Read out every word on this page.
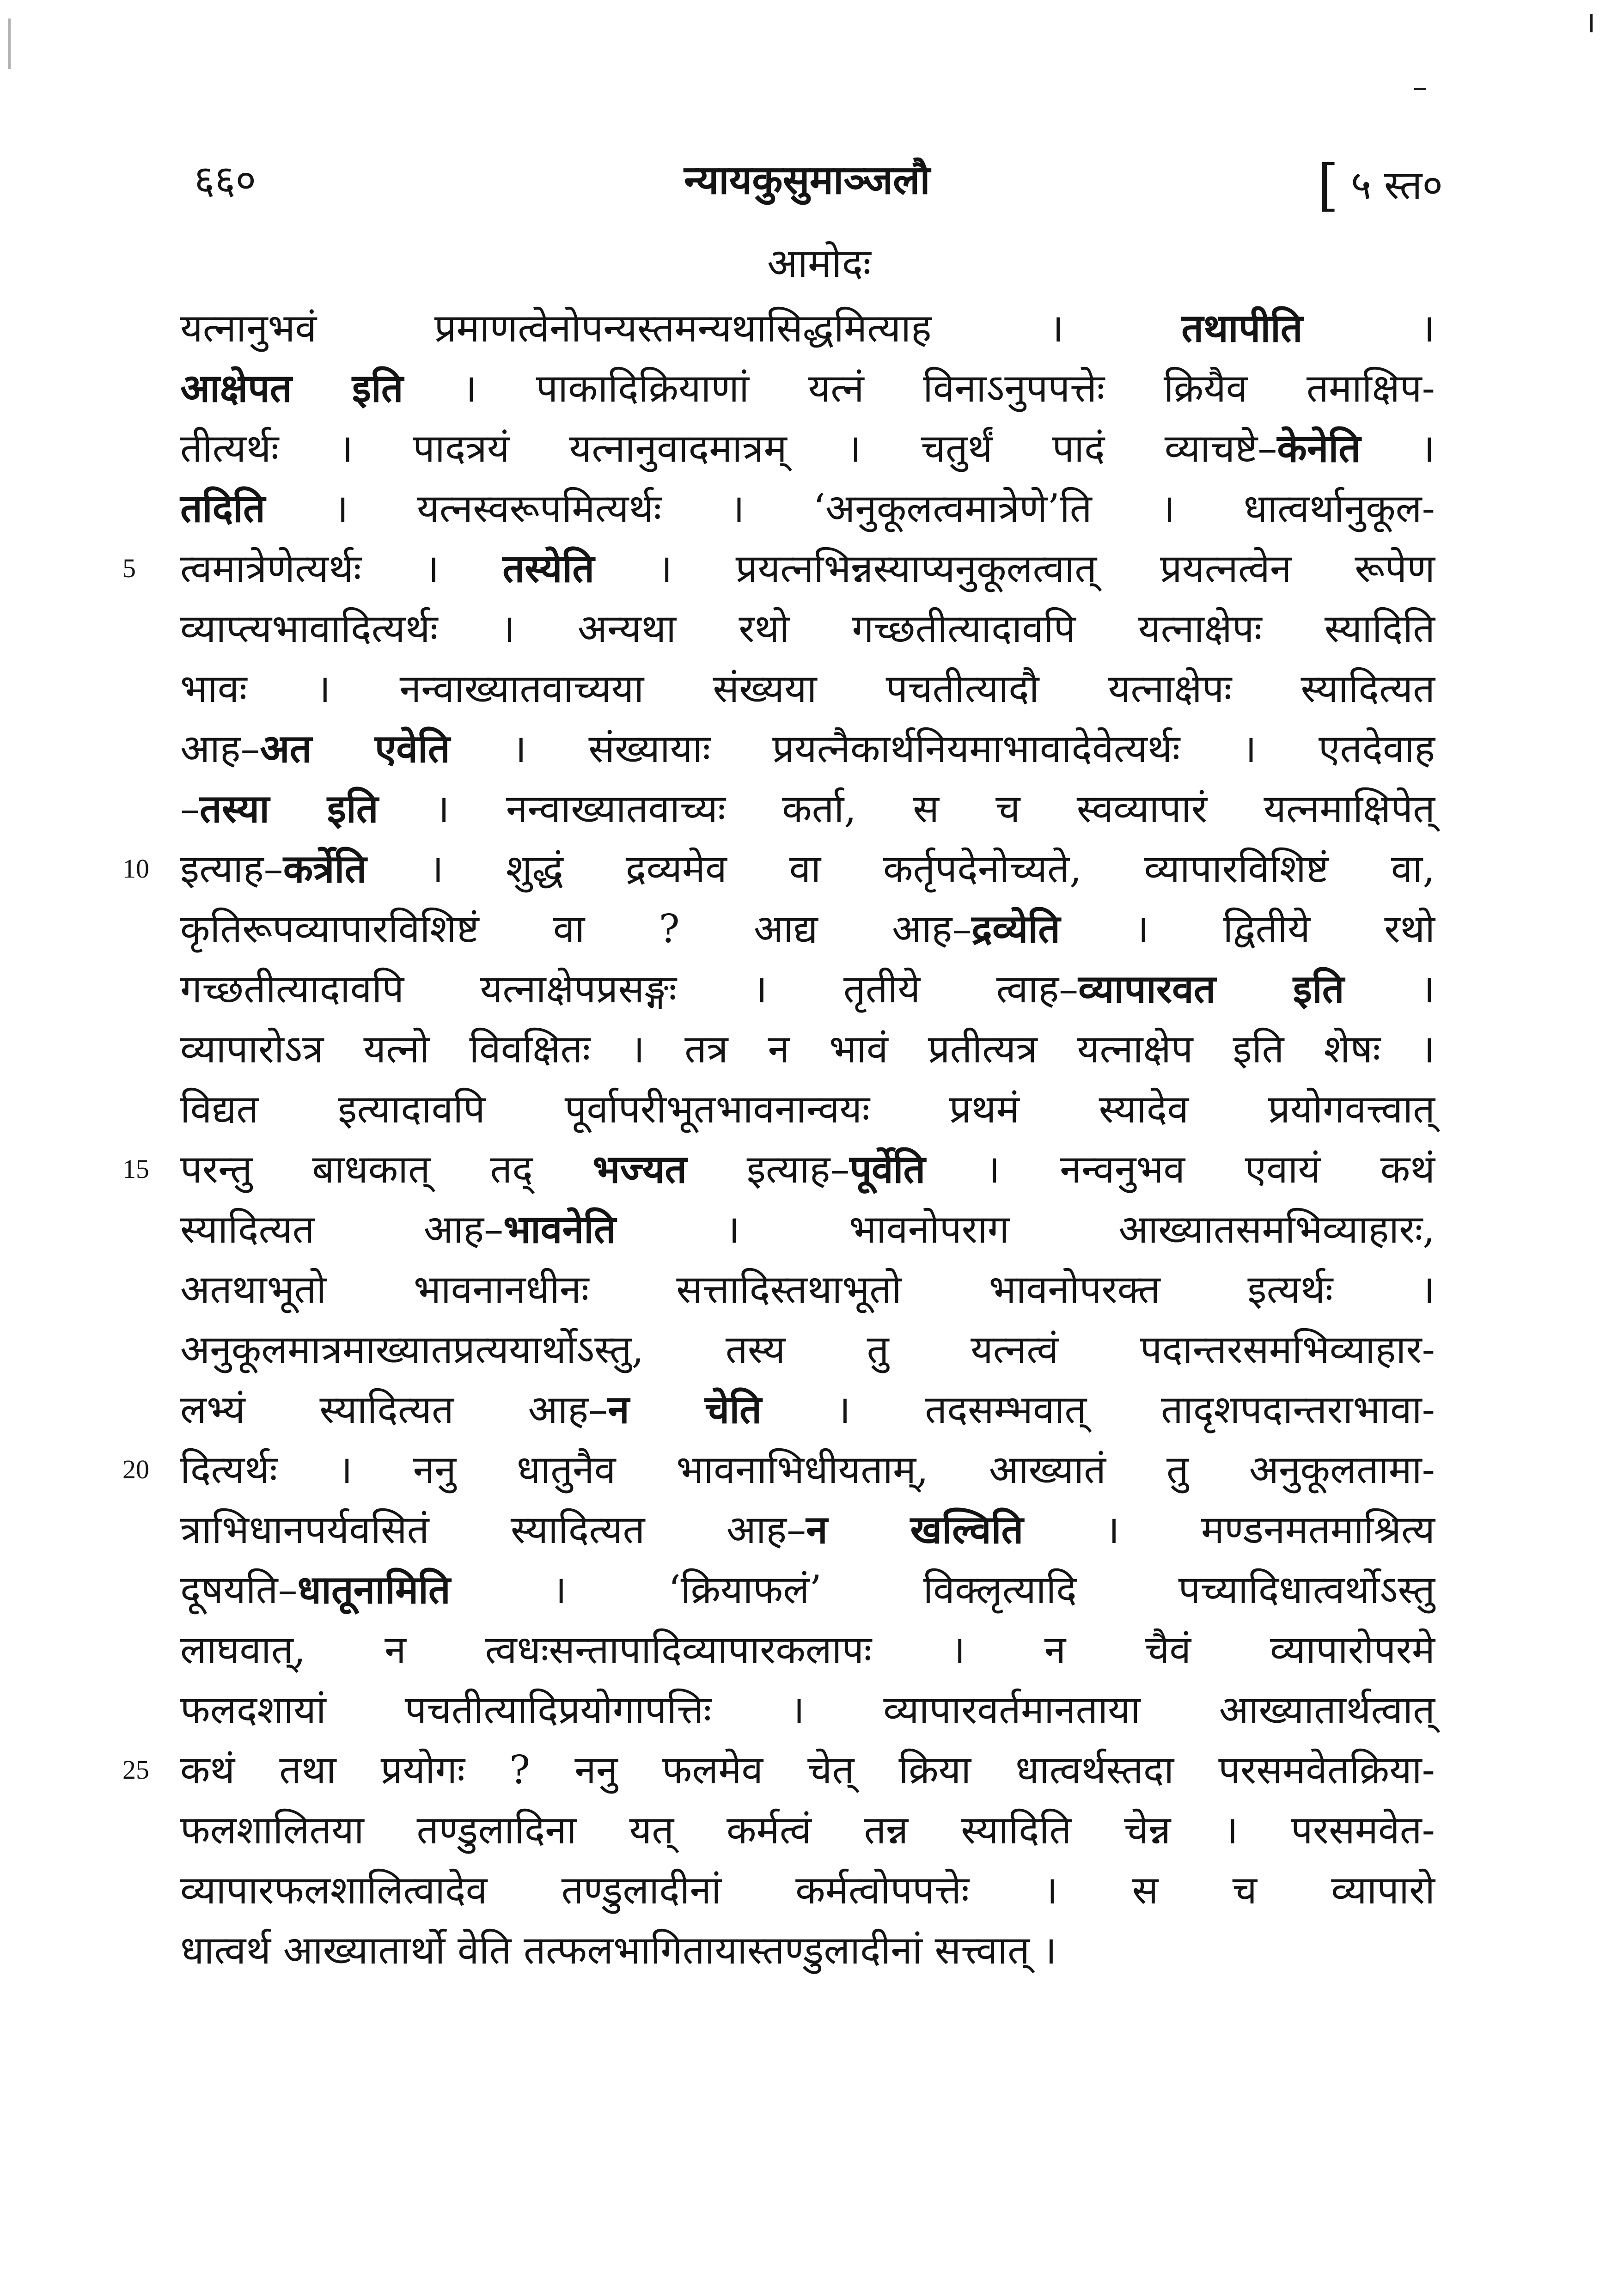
६६०	न्यायकुसुमाञ्जलौ	[ ५ स्त०
आमोदः
यत्नानुभवं प्रमाणत्वेनोपन्यस्तमन्यथासिद्धमित्याह । तथापीति ।
आक्षेपत इति । पाकादिक्रियाणां यत्नं विनाऽनुपपत्तेः क्रियैव तमाक्षिप-
तीत्यर्थः । पादत्रयं यत्नानुवादमात्रम् । चतुर्थं पादं व्याचष्टे–केनेति ।
तदिति । यत्नस्वरूपमित्यर्थः । ‘अनुकूलत्वमात्रेणे’ति । धात्वर्थानुकूल-
त्वमात्रेणेत्यर्थः । तस्येति । प्रयत्नभिन्नस्याप्यनुकूलत्वात् प्रयत्नत्वेन रूपेण
व्याप्त्यभावादित्यर्थः । अन्यथा रथो गच्छतीत्यादावपि यत्नाक्षेपः स्यादिति
भावः । नन्वाख्यातवाच्यया संख्यया पचतीत्यादौ यत्नाक्षेपः स्यादित्यत
आह–अत एवेति । संख्यायाः प्रयत्नैकार्थनियमाभावादेवेत्यर्थः । एतदेवाह
–तस्या इति । नन्वाख्यातवाच्यः कर्ता, स च स्वव्यापारं यत्नमाक्षिपेत्
इत्याह–कर्त्रेति । शुद्धं द्रव्यमेव वा कर्तृपदेनोच्यते, व्यापारविशिष्टं वा,
कृतिरूपव्यापारविशिष्टं वा ? आद्य आह–द्रव्येति । द्वितीये रथो
गच्छतीत्यादावपि यत्नाक्षेपप्रसङ्गः । तृतीये त्वाह–व्यापारवत इति ।
व्यापारोऽत्र यत्नो विवक्षितः । तत्र न भावं प्रतीत्यत्र यत्नाक्षेप इति शेषः ।
विद्यत इत्यादावपि पूर्वापरीभूतभावनान्वयः प्रथमं स्यादेव प्रयोगवत्त्वात्
परन्तु बाधकात् तद् भज्यत इत्याह–पूर्वेति । नन्वनुभव एवायं कथं
स्यादित्यत आह–भावनेति । भावनोपराग आख्यातसमभिव्याहारः,
अतथाभूतो भावनानधीनः सत्तादिस्तथाभूतो भावनोपरक्त इत्यर्थः ।
अनुकूलमात्रमाख्यातप्रत्ययार्थोऽस्तु, तस्य तु यत्नत्वं पदान्तरसमभिव्याहार-
लभ्यं स्यादित्यत आह–न चेति । तदसम्भवात् तादृशपदान्तराभावा-
दित्यर्थः । ननु धातुनैव भावनाभिधीयताम्, आख्यातं तु अनुकूलतामा-
त्राभिधानपर्यवसितं स्यादित्यत आह–न खल्विति । मण्डनमतमाश्रित्य
दूषयति–धातूनामिति । ‘क्रियाफलं’ विक्लृत्यादि पच्यादिधात्वर्थोऽस्तु
लाघवात्, न त्वधःसन्तापादिव्यापारकलापः । न चैवं व्यापारोपरमे
फलदशायां पचतीत्यादिप्रयोगापत्तिः । व्यापारवर्तमानताया आख्यातार्थत्वात्
कथं तथा प्रयोगः ? ननु फलमेव चेत् क्रिया धात्वर्थस्तदा परसमवेतक्रिया-
फलशालितया तण्डुलादिना यत् कर्मत्वं तन्न स्यादिति चेन्न । परसमवेत-
व्यापारफलशालित्वादेव तण्डुलादीनां कर्मत्वोपपत्तेः । स च व्यापारो
धात्वर्थ आख्यातार्थो वेति तत्फलभागितायास्तण्डुलादीनां सत्त्वात् ।
5
10
15
20
25
